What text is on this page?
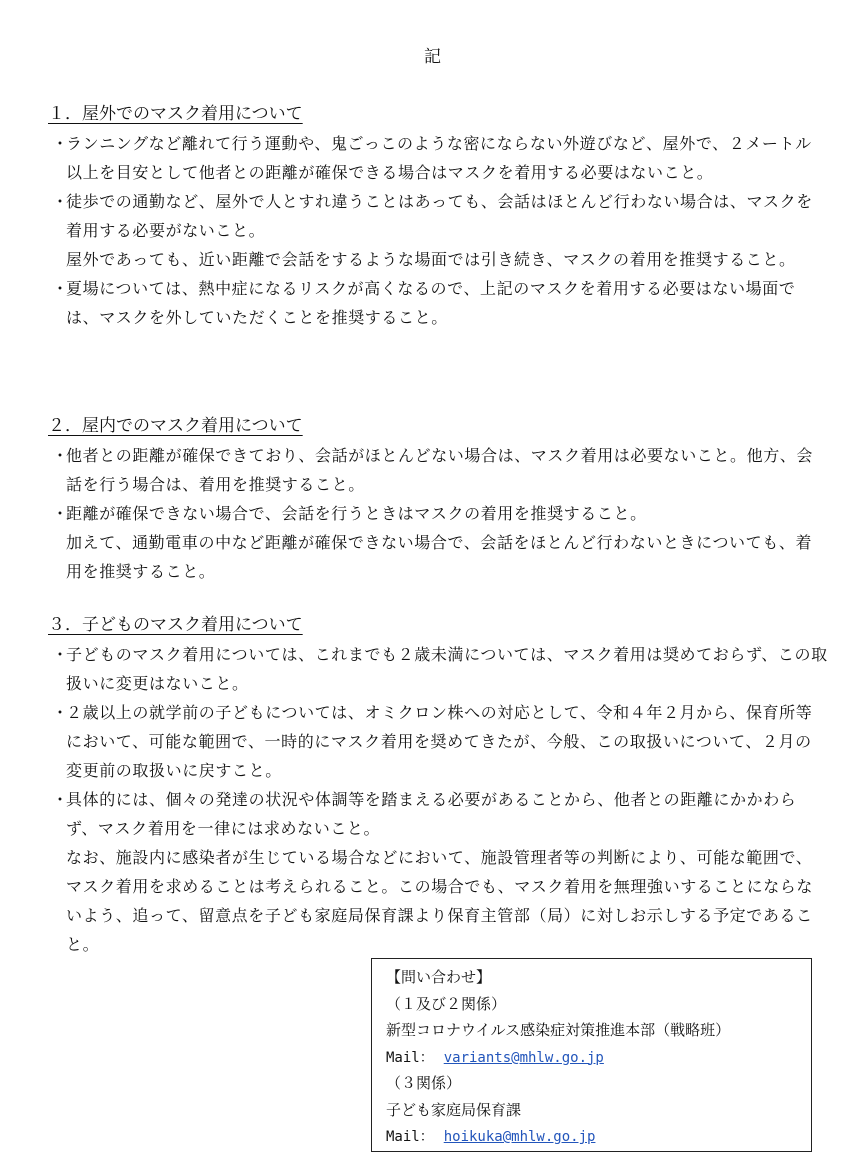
記
１．屋外でのマスク着用について
・
ランニングなど離れて行う運動や、鬼ごっこのような密にならない外遊びなど、屋外で、２メートル以上を目安として他者との距離が確保できる場合はマスクを着用する必要はないこと。
・
徒歩での通勤など、屋外で人とすれ違うことはあっても、会話はほとんど行わない場合は、マスクを着用する必要がないこと。
屋外であっても、近い距離で会話をするような場面では引き続き、マスクの着用を推奨すること。
・
夏場については、熱中症になるリスクが高くなるので、上記のマスクを着用する必要はない場面では、マスクを外していただくことを推奨すること。
２．屋内でのマスク着用について
・
他者との距離が確保できており、会話がほとんどない場合は、マスク着用は必要ないこと。他方、会話を行う場合は、着用を推奨すること。
・
距離が確保できない場合で、会話を行うときはマスクの着用を推奨すること。
加えて、通勤電車の中など距離が確保できない場合で、会話をほとんど行わないときについても、着用を推奨すること。
３．子どものマスク着用について
・
子どものマスク着用については、これまでも２歳未満については、マスク着用は奨めておらず、この取扱いに変更はないこと。
・
２歳以上の就学前の子どもについては、オミクロン株への対応として、令和４年２月から、保育所等において、可能な範囲で、一時的にマスク着用を奨めてきたが、今般、この取扱いについて、２月の変更前の取扱いに戻すこと。
・
具体的には、個々の発達の状況や体調等を踏まえる必要があることから、他者との距離にかかわらず、マスク着用を一律には求めないこと。
なお、施設内に感染者が生じている場合などにおいて、施設管理者等の判断により、可能な範囲で、マスク着用を求めることは考えられること。この場合でも、マスク着用を無理強いすることにならないよう、追って、留意点を子ども家庭局保育課より保育主管部（局）に対しお示しする予定であること。
【問い合わせ】
（１及び２関係）
新型コロナウイルス感染症対策推進本部（戦略班）
Mail： variants@mhlw.go.jp
（３関係）
子ども家庭局保育課
Mail： hoikuka@mhlw.go.jp
